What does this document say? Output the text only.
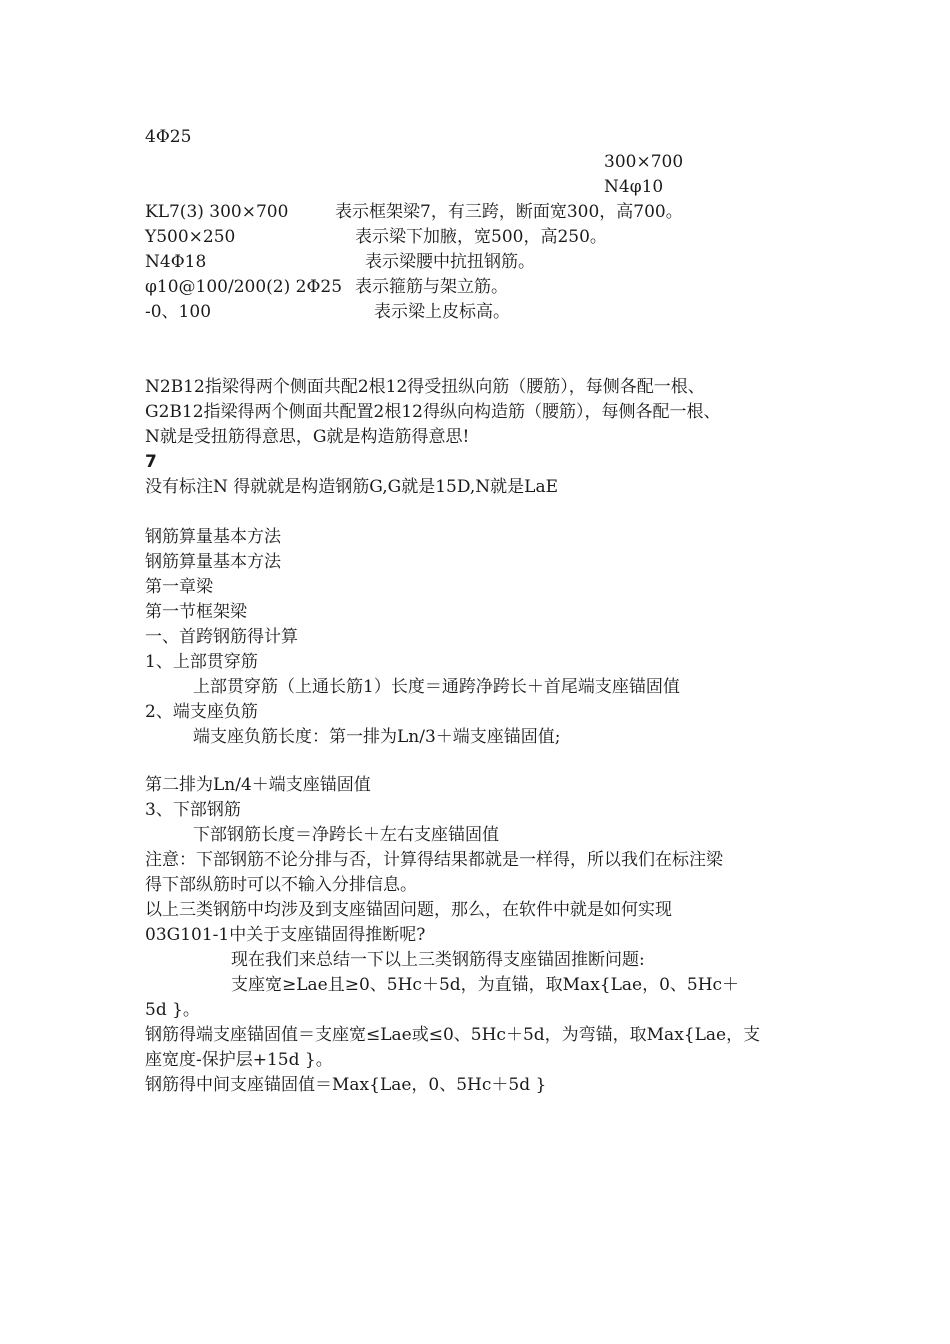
4Φ25
300×700
N4φ10
KL7(3) 300×700	表示框架梁7，有三跨，断面宽300，高700。
Y500×250	表示梁下加腋，宽500，高250。
N4Φ18	表示梁腰中抗扭钢筋。
φ10@100/200(2) 2Φ25 表示箍筋与架立筋。
-0、100	表示梁上皮标高。
N2B12指梁得两个侧面共配2根12得受扭纵向筋（腰筋），每侧各配一根、
G2B12指梁得两个侧面共配置2根12得纵向构造筋（腰筋），每侧各配一根、
N就是受扭筋得意思，G就是构造筋得意思!
7
没有标注N 得就就是构造钢筋G,G就是15D,N就是LaE
钢筋算量基本方法
钢筋算量基本方法
第一章梁
第一节框架梁
一、首跨钢筋得计算
1、上部贯穿筋
上部贯穿筋（上通长筋1）长度＝通跨净跨长＋首尾端支座锚固值
2、端支座负筋
端支座负筋长度：第一排为Ln/3＋端支座锚固值;
第二排为Ln/4＋端支座锚固值
3、下部钢筋
下部钢筋长度＝净跨长＋左右支座锚固值
注意：下部钢筋不论分排与否，计算得结果都就是一样得，所以我们在标注梁
得下部纵筋时可以不输入分排信息。
以上三类钢筋中均涉及到支座锚固问题，那么，在软件中就是如何实现
03G101-1中关于支座锚固得推断呢?
现在我们来总结一下以上三类钢筋得支座锚固推断问题:
支座宽≥Lae且≥0、5Hc＋5d，为直锚，取Max{Lae，0、5Hc＋
5d }。
钢筋得端支座锚固值＝支座宽≤Lae或≤0、5Hc＋5d，为弯锚，取Max{Lae，支
座宽度-保护层+15d }。
钢筋得中间支座锚固值＝Max{Lae，0、5Hc＋5d }
